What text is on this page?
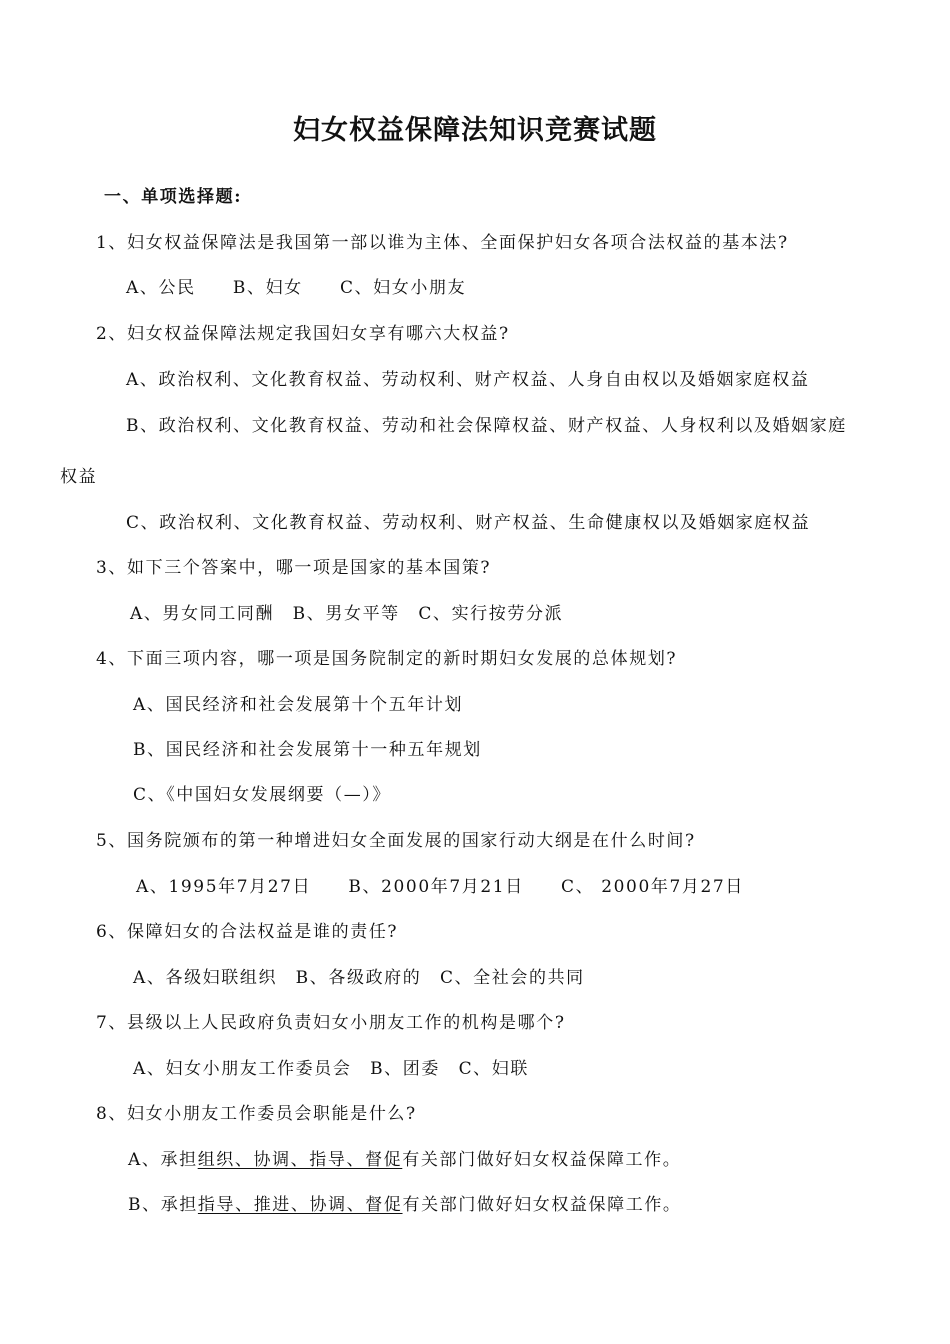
妇女权益保障法知识竞赛试题
一、单项选择题:
1、妇女权益保障法是我国第一部以谁为主体、全面保护妇女各项合法权益的基本法?
A、公民　　B、妇女　　C、妇女小朋友
2、妇女权益保障法规定我国妇女享有哪六大权益?
A、政治权利、文化教育权益、劳动权利、财产权益、人身自由权以及婚姻家庭权益
B、政治权利、文化教育权益、劳动和社会保障权益、财产权益、人身权利以及婚姻家庭
权益
C、政治权利、文化教育权益、劳动权利、财产权益、生命健康权以及婚姻家庭权益
3、如下三个答案中，哪一项是国家的基本国策?
A、男女同工同酬　B、男女平等　C、实行按劳分派
4、下面三项内容，哪一项是国务院制定的新时期妇女发展的总体规划?
A、国民经济和社会发展第十个五年计划
B、国民经济和社会发展第十一种五年规划
C、《中国妇女发展纲要（—）》
5、国务院颁布的第一种增进妇女全面发展的国家行动大纲是在什么时间?
A、1995年7月27日　　B、2000年7月21日　　C、 2000年7月27日
6、保障妇女的合法权益是谁的责任?
A、各级妇联组织　B、各级政府的　C、全社会的共同
7、县级以上人民政府负责妇女小朋友工作的机构是哪个?
A、妇女小朋友工作委员会　B、团委　C、妇联
8、妇女小朋友工作委员会职能是什么?
A、承担组织、协调、指导、督促有关部门做好妇女权益保障工作。
B、承担指导、推进、协调、督促有关部门做好妇女权益保障工作。
